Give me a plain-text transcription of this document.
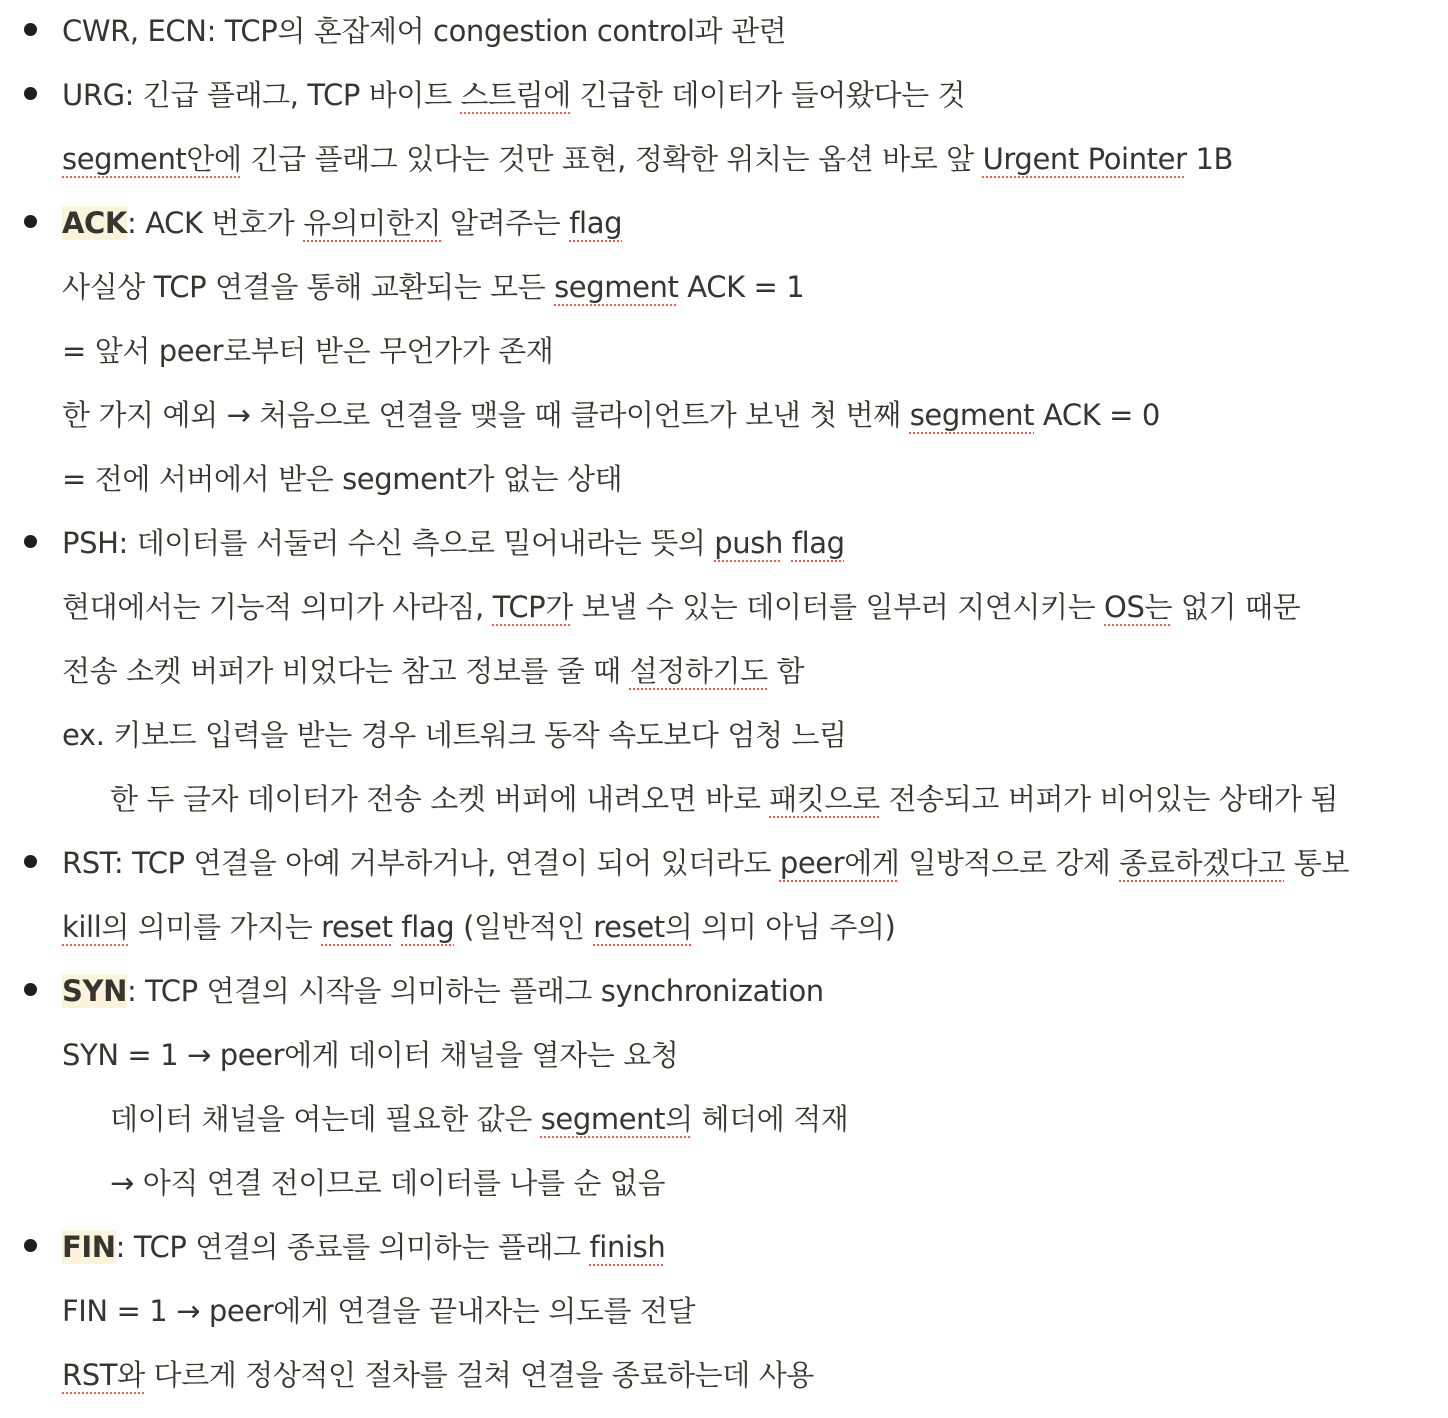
CWR, ECN: TCP의 혼잡제어 congestion control과 관련
URG: 긴급 플래그, TCP 바이트 스트림에 긴급한 데이터가 들어왔다는 것
segment안에 긴급 플래그 있다는 것만 표현, 정확한 위치는 옵션 바로 앞 Urgent Pointer 1B
ACK: ACK 번호가 유의미한지 알려주는 flag
사실상 TCP 연결을 통해 교환되는 모든 segment ACK = 1
= 앞서 peer로부터 받은 무언가가 존재
한 가지 예외 → 처음으로 연결을 맺을 때 클라이언트가 보낸 첫 번째 segment ACK = 0
= 전에 서버에서 받은 segment가 없는 상태
PSH: 데이터를 서둘러 수신 측으로 밀어내라는 뜻의 push flag
현대에서는 기능적 의미가 사라짐, TCP가 보낼 수 있는 데이터를 일부러 지연시키는 OS는 없기 때문
전송 소켓 버퍼가 비었다는 참고 정보를 줄 때 설정하기도 함
ex. 키보드 입력을 받는 경우 네트워크 동작 속도보다 엄청 느림
한 두 글자 데이터가 전송 소켓 버퍼에 내려오면 바로 패킷으로 전송되고 버퍼가 비어있는 상태가 됨
RST: TCP 연결을 아예 거부하거나, 연결이 되어 있더라도 peer에게 일방적으로 강제 종료하겠다고 통보
kill의 의미를 가지는 reset flag (일반적인 reset의 의미 아님 주의)
SYN: TCP 연결의 시작을 의미하는 플래그 synchronization
SYN = 1 → peer에게 데이터 채널을 열자는 요청
데이터 채널을 여는데 필요한 값은 segment의 헤더에 적재
→ 아직 연결 전이므로 데이터를 나를 순 없음
FIN: TCP 연결의 종료를 의미하는 플래그 finish
FIN = 1 → peer에게 연결을 끝내자는 의도를 전달
RST와 다르게 정상적인 절차를 걸쳐 연결을 종료하는데 사용
